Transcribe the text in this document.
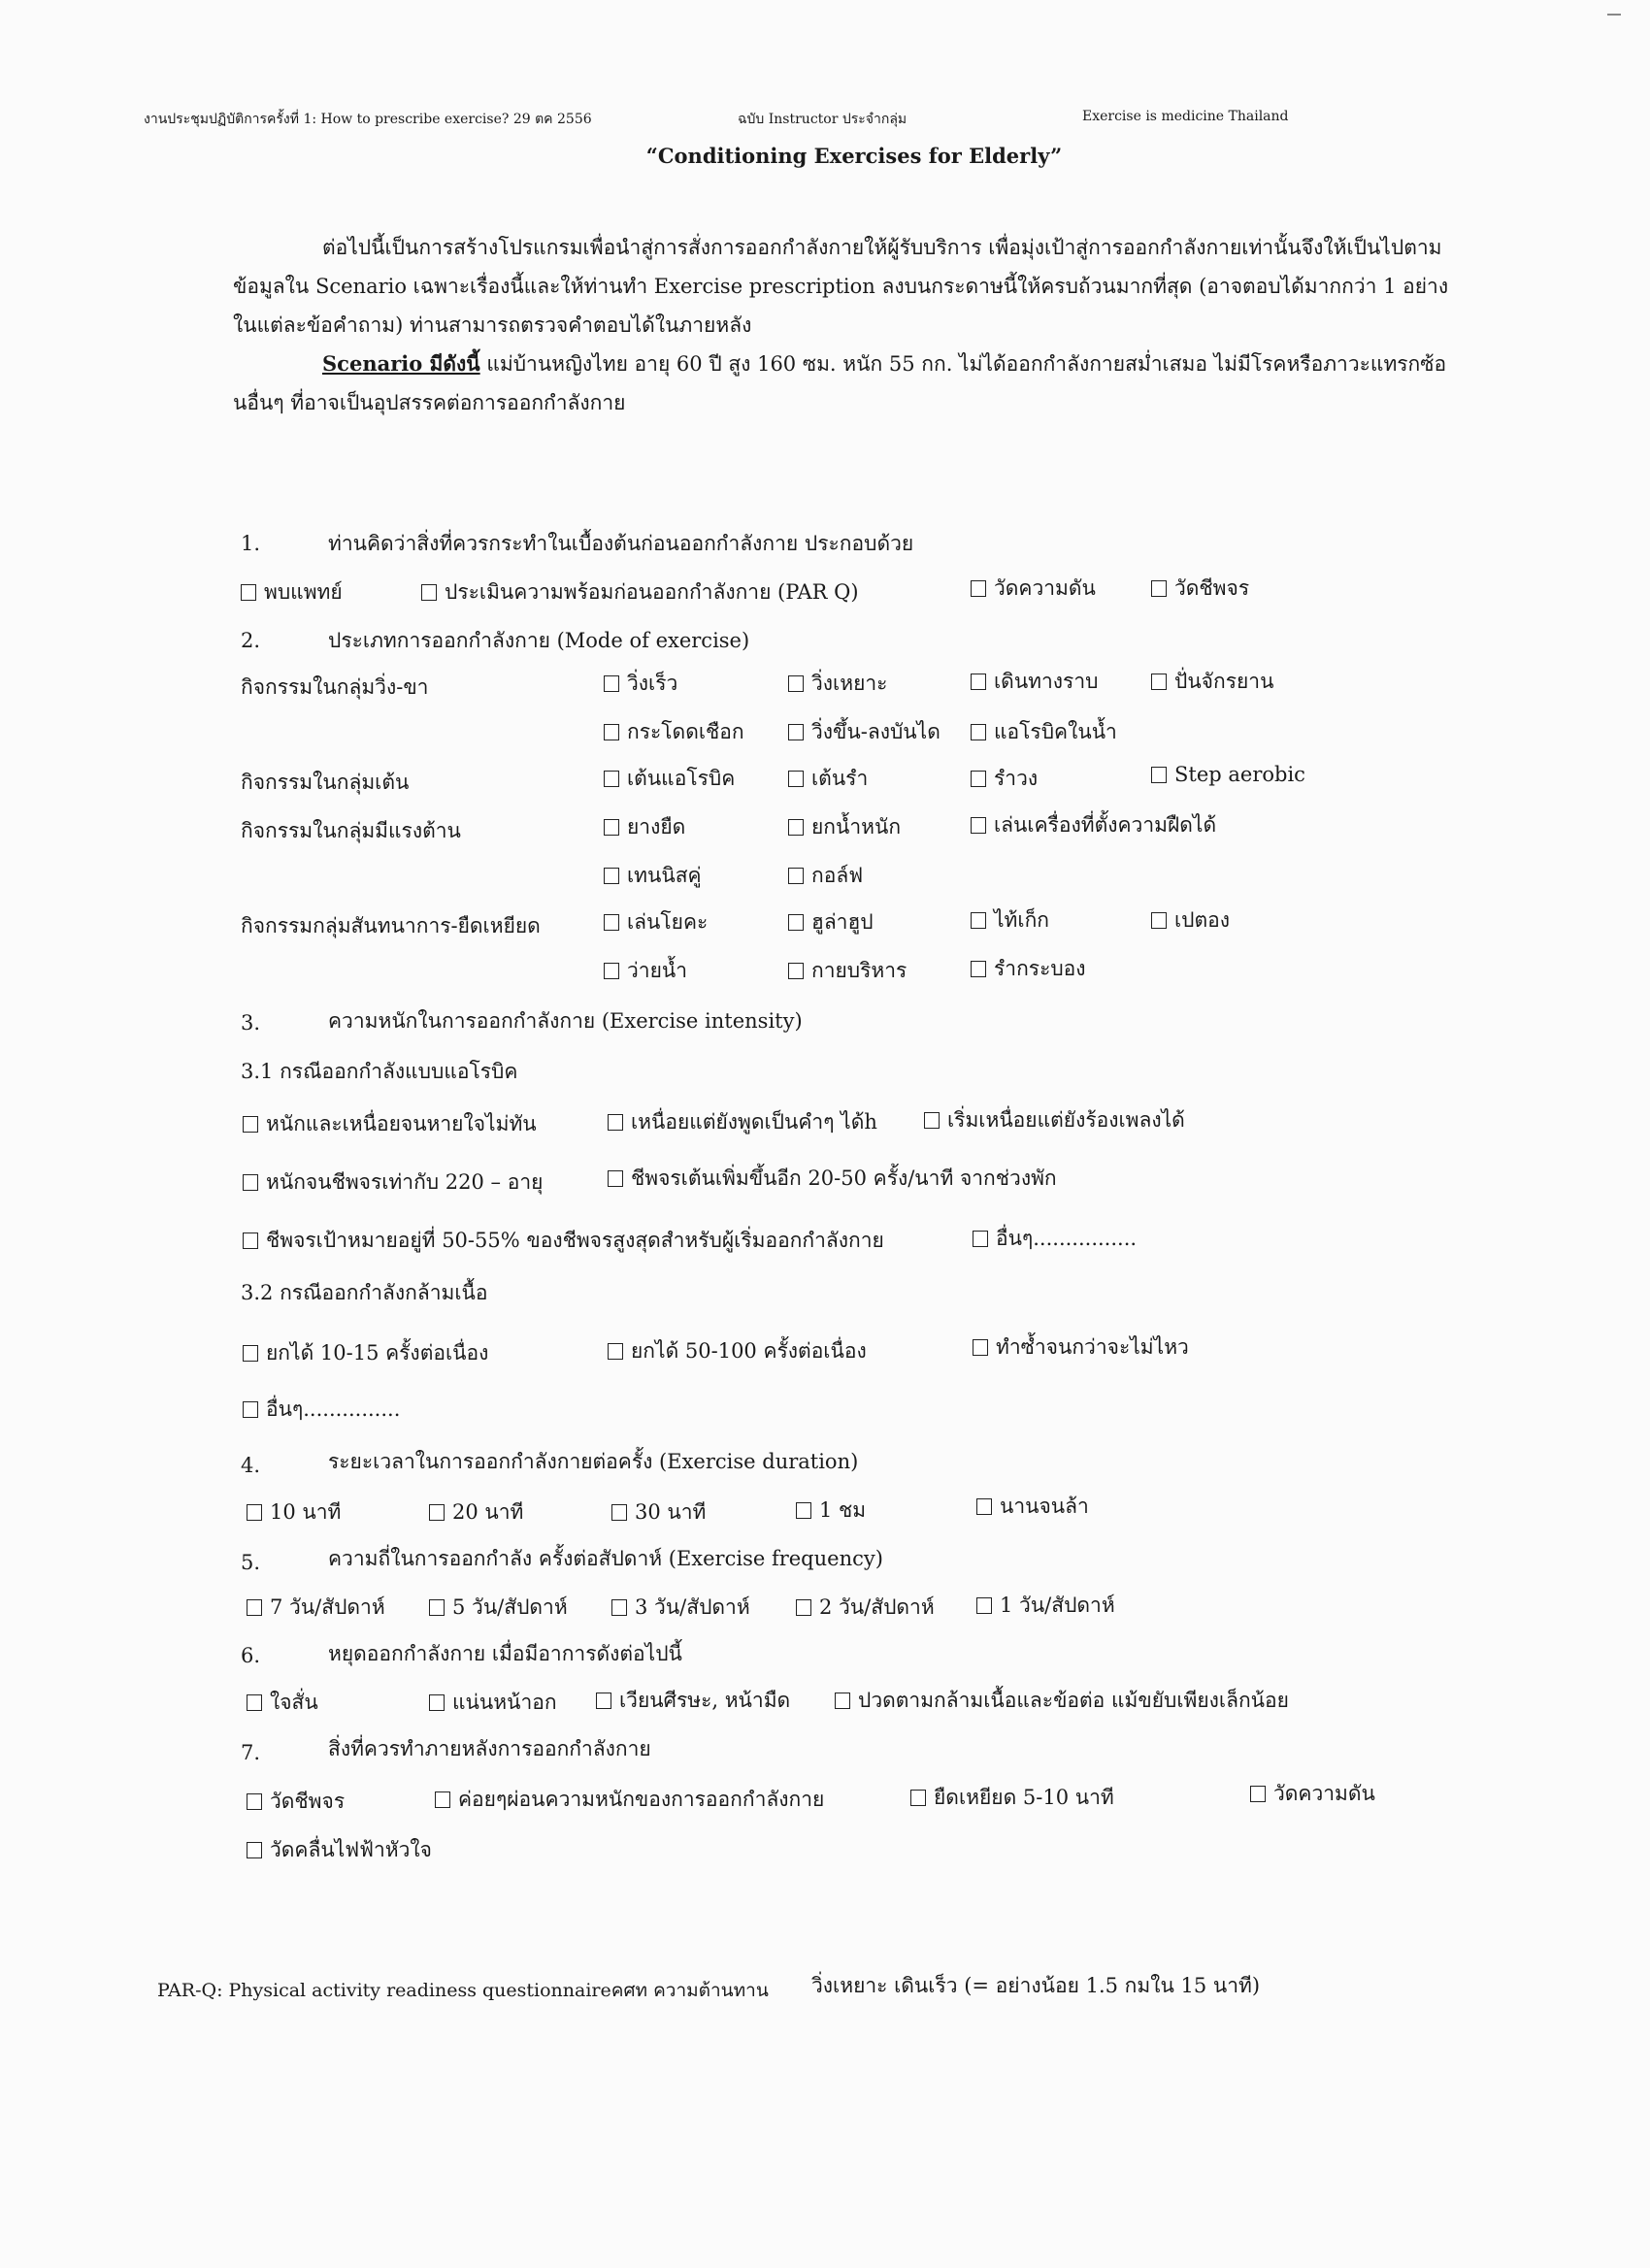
งานประชุมปฏิบัติการครั้งที่ 1: How to prescribe exercise? 29 ตค 2556	ฉบับ Instructor ประจำกลุ่ม	Exercise is medicine Thailand
“Conditioning Exercises for Elderly”

ต่อไปนี้เป็นการสร้างโปรแกรมเพื่อนำสู่การสั่งการออกกำลังกายให้ผู้รับบริการ เพื่อมุ่งเป้าสู่การออกกำลังกายเท่านั้นจึงให้เป็นไปตามข้อมูลใน Scenario เฉพาะเรื่องนี้และให้ท่านทำ Exercise prescription ลงบนกระดาษนี้ให้ครบถ้วนมากที่สุด (อาจตอบได้มากกว่า 1 อย่างในแต่ละข้อคำถาม) ท่านสามารถตรวจคำตอบได้ในภายหลัง

Scenario มีดังนี้ แม่บ้านหญิงไทย อายุ 60 ปี สูง 160 ซม. หนัก 55 กก. ไม่ได้ออกกำลังกายสม่ำเสมอ ไม่มีโรคหรือภาวะแทรกซ้อนอื่นๆ ที่อาจเป็นอุปสรรคต่อการออกกำลังกาย

1.	ท่านคิดว่าสิ่งที่ควรกระทำในเบื้องต้นก่อนออกกำลังกาย ประกอบด้วย
พบแพทย์	ประเมินความพร้อมก่อนออกกำลังกาย (PAR Q)	วัดความดัน	วัดชีพจร
2.	ประเภทการออกกำลังกาย (Mode of exercise)
กิจกรรมในกลุ่มวิ่ง-ขา	วิ่งเร็ว	วิ่งเหยาะ	เดินทางราบ	ปั่นจักรยาน
กระโดดเชือก	วิ่งขึ้น-ลงบันได	แอโรบิคในน้ำ
กิจกรรมในกลุ่มเต้น	เต้นแอโรบิค	เต้นรำ	รำวง	Step aerobic
กิจกรรมในกลุ่มมีแรงต้าน	ยางยืด	ยกน้ำหนัก	เล่นเครื่องที่ตั้งความฝืดได้
เทนนิสคู่	กอล์ฟ
กิจกรรมกลุ่มสันทนาการ-ยืดเหยียด	เล่นโยคะ	ฮูล่าฮูป	ไท้เก็ก	เปตอง
ว่ายน้ำ	กายบริหาร	รำกระบอง
3.	ความหนักในการออกกำลังกาย (Exercise intensity)
3.1 กรณีออกกำลังแบบแอโรบิค
หนักและเหนื่อยจนหายใจไม่ทัน	เหนื่อยแต่ยังพูดเป็นคำๆ ได้h	เริ่มเหนื่อยแต่ยังร้องเพลงได้
หนักจนชีพจรเท่ากับ 220 – อายุ	ชีพจรเต้นเพิ่มขึ้นอีก 20-50 ครั้ง/นาที จากช่วงพัก
ชีพจรเป้าหมายอยู่ที่ 50-55% ของชีพจรสูงสุดสำหรับผู้เริ่มออกกำลังกาย	อื่นๆ................
3.2 กรณีออกกำลังกล้ามเนื้อ
ยกได้ 10-15 ครั้งต่อเนื่อง	ยกได้ 50-100 ครั้งต่อเนื่อง	ทำซ้ำจนกว่าจะไม่ไหว
อื่นๆ...............
4.	ระยะเวลาในการออกกำลังกายต่อครั้ง (Exercise duration)
10 นาที	20 นาที	30 นาที	1 ชม	นานจนล้า
5.	ความถี่ในการออกกำลัง ครั้งต่อสัปดาห์ (Exercise frequency)
7 วัน/สัปดาห์	5 วัน/สัปดาห์	3 วัน/สัปดาห์	2 วัน/สัปดาห์	1 วัน/สัปดาห์
6.	หยุดออกกำลังกาย เมื่อมีอาการดังต่อไปนี้
ใจสั่น	แน่นหน้าอก	เวียนศีรษะ, หน้ามืด	ปวดตามกล้ามเนื้อและข้อต่อ แม้ขยับเพียงเล็กน้อย
7.	สิ่งที่ควรทำภายหลังการออกกำลังกาย
วัดชีพจร	ค่อยๆผ่อนความหนักของการออกกำลังกาย	ยืดเหยียด 5-10 นาที	วัดความดัน
วัดคลื่นไฟฟ้าหัวใจ
PAR-Q: Physical activity readiness questionnaireคศท ความต้านทาน วิ่งเหยาะ เดินเร็ว (= อย่างน้อย 1.5 กมใน 15 นาที)
